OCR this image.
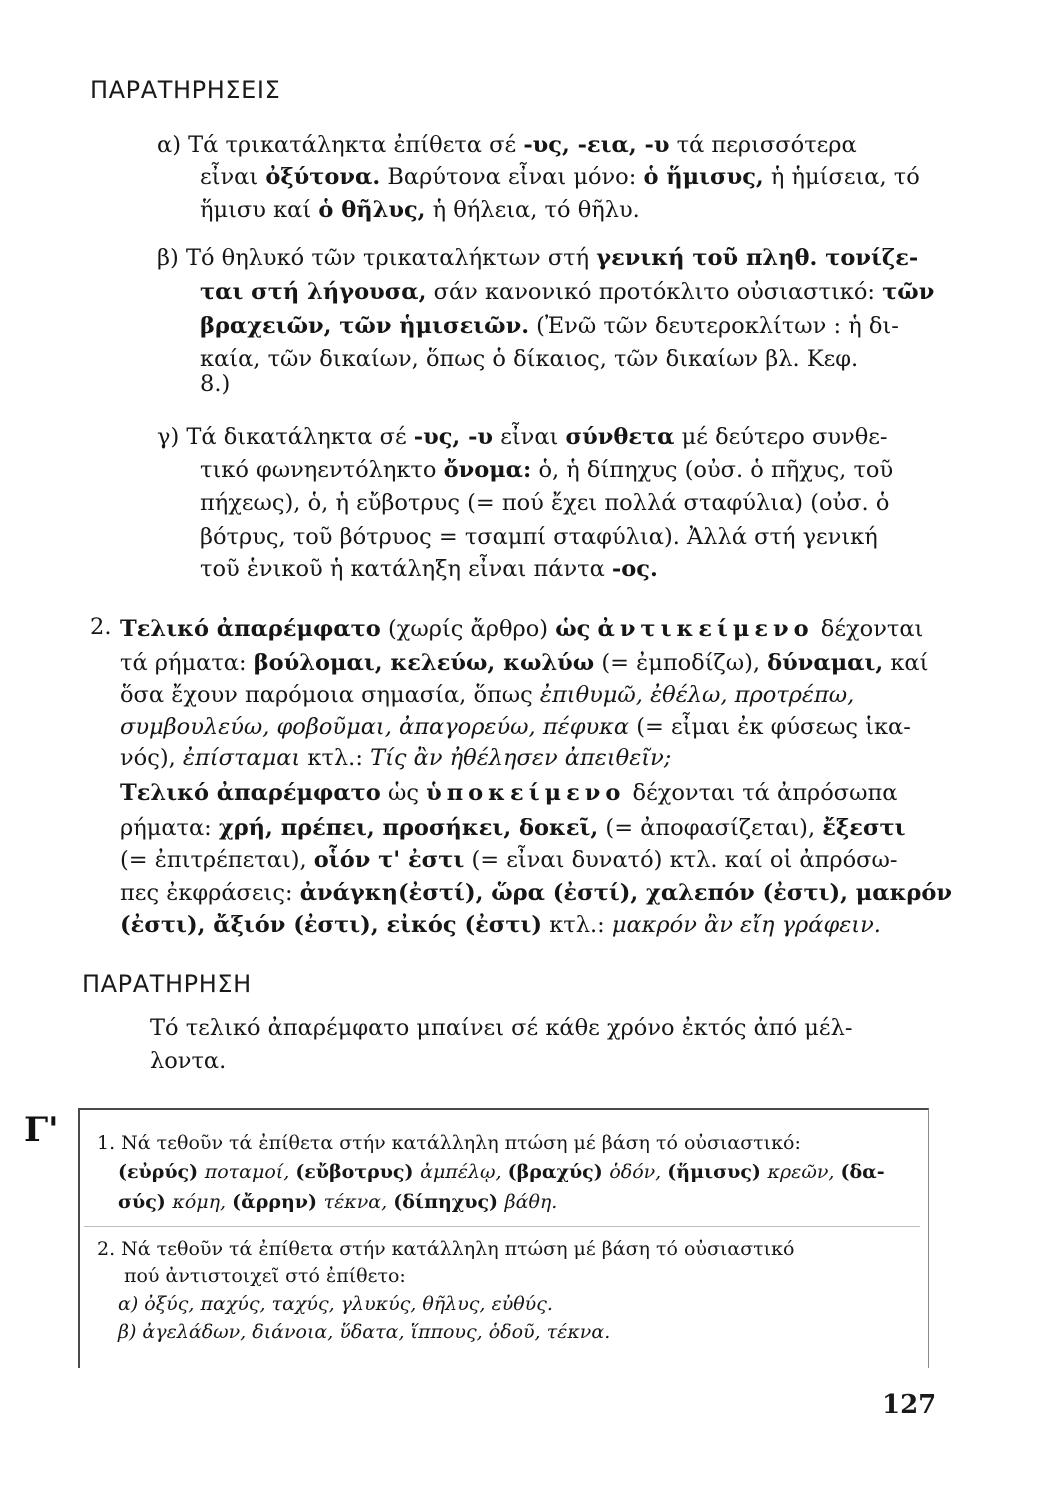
ΠΑΡΑΤΗΡΗΣΕΙΣ
α) Τά τρικατάληκτα ἐπίθετα σέ -υς, -εια, -υ τά περισσότερα
εἶναι ὀξύτονα. Βαρύτονα εἶναι μόνο: ὁ ἥμισυς, ἡ ἡμίσεια, τό
ἥμισυ καί ὁ θῆλυς, ἡ θήλεια, τό θῆλυ.
β) Τό θηλυκό τῶν τρικαταλήκτων στή γενική τοῦ πληθ. τονίζε-
ται στή λήγουσα, σάν κανονικό προτόκλιτο οὐσιαστικό: τῶν
βραχειῶν, τῶν ἡμισειῶν. (Ἐνῶ τῶν δευτεροκλίτων : ἡ δι-
καία, τῶν δικαίων, ὅπως ὁ δίκαιος, τῶν δικαίων βλ. Κεφ.
8.)
γ) Τά δικατάληκτα σέ -υς, -υ εἶναι σύνθετα μέ δεύτερο συνθε-
τικό φωνηεντόληκτο ὄνομα: ὁ, ἡ δίπηχυς (οὐσ. ὁ πῆχυς, τοῦ
πήχεως), ὁ, ἡ εὔβοτρυς (= πού ἔχει πολλά σταφύλια) (οὐσ. ὁ
βότρυς, τοῦ βότρυος = τσαμπί σταφύλια). Ἀλλά στή γενική
τοῦ ἑνικοῦ ἡ κατάληξη εἶναι πάντα -ος.
2. Τελικό ἀπαρέμφατο (χωρίς ἄρθρο) ὡς ἀντικείμενο δέχονται
τά ρήματα: βούλομαι, κελεύω, κωλύω (= ἐμποδίζω), δύναμαι, καί
ὅσα ἔχουν παρόμοια σημασία, ὅπως ἐπιθυμῶ, ἐθέλω, προτρέπω,
συμβουλεύω, φοβοῦμαι, ἀπαγορεύω, πέφυκα (= εἶμαι ἐκ φύσεως ἱκα-
νός), ἐπίσταμαι κτλ.: Τίς ἂν ἠθέλησεν ἀπειθεῖν;
Τελικό ἀπαρέμφατο ὡς ὑποκείμενο δέχονται τά ἀπρόσωπα
ρήματα: χρή, πρέπει, προσήκει, δοκεῖ, (= ἀποφασίζεται), ἔξεστι
(= ἐπιτρέπεται), οἷόν τ' ἐστι (= εἶναι δυνατό) κτλ. καί οἱ ἀπρόσω-
πες ἐκφράσεις: ἀνάγκη(ἐστί), ὥρα (ἐστί), χαλεπόν (ἐστι), μακρόν
(ἐστι), ἄξιόν (ἐστι), εἰκός (ἐστι) κτλ.: μακρόν ἂν εἴη γράφειν.
ΠΑΡΑΤΗΡΗΣΗ
Τό τελικό ἀπαρέμφατο μπαίνει σέ κάθε χρόνο ἐκτός ἀπό μέλ-
λοντα.
Γ' 1. Νά τεθοῦν τά ἐπίθετα στήν κατάλληλη πτώση μέ βάση τό οὐσιαστικό:
(εὐρύς) ποταμοί, (εὔβοτρυς) ἀμπέλῳ, (βραχύς) ὁδόν, (ἥμισυς) κρεῶν, (δα-
σύς) κόμη, (ἄρρην) τέκνα, (δίπηχυς) βάθη.
2. Νά τεθοῦν τά ἐπίθετα στήν κατάλληλη πτώση μέ βάση τό οὐσιαστικό
πού ἀντιστοιχεῖ στό ἐπίθετο:
α) ὀξύς, παχύς, ταχύς, γλυκύς, θῆλυς, εὐθύς.
β) ἀγελάδων, διάνοια, ὕδατα, ἵππους, ὁδοῦ, τέκνα.
127
